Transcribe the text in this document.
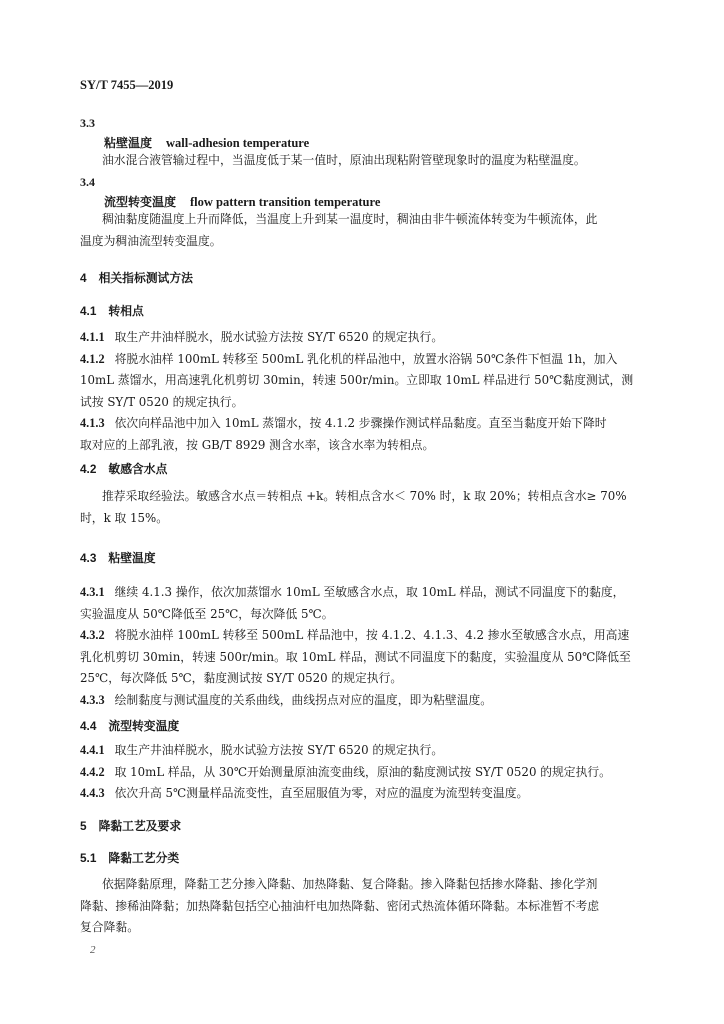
SY/T 7455—2019
3.3
粘壁温度 wall-adhesion temperature
油水混合液管输过程中，当温度低于某一值时，原油出现粘附管壁现象时的温度为粘壁温度。
3.4
流型转变温度 flow pattern transition temperature
稠油黏度随温度上升而降低，当温度上升到某一温度时，稠油由非牛顿流体转变为牛顿流体，此
温度为稠油流型转变温度。
4 相关指标测试方法
4.1 转相点
4.1.1 取生产井油样脱水，脱水试验方法按 SY/T 6520 的规定执行。
4.1.2 将脱水油样 100mL 转移至 500mL 乳化机的样品池中，放置水浴锅 50℃条件下恒温 1h，加入
10mL 蒸馏水，用高速乳化机剪切 30min，转速 500r/min。立即取 10mL 样品进行 50℃黏度测试，测
试按 SY/T 0520 的规定执行。
4.1.3 依次向样品池中加入 10mL 蒸馏水，按 4.1.2 步骤操作测试样品黏度。直至当黏度开始下降时
取对应的上部乳液，按 GB/T 8929 测含水率，该含水率为转相点。
4.2 敏感含水点
推荐采取经验法。敏感含水点＝转相点 +k。转相点含水＜ 70% 时，k 取 20%；转相点含水≥ 70%
时，k 取 15%。
4.3 粘壁温度
4.3.1 继续 4.1.3 操作，依次加蒸馏水 10mL 至敏感含水点，取 10mL 样品，测试不同温度下的黏度，
实验温度从 50℃降低至 25℃，每次降低 5℃。
4.3.2 将脱水油样 100mL 转移至 500mL 样品池中，按 4.1.2、4.1.3、4.2 掺水至敏感含水点，用高速
乳化机剪切 30min，转速 500r/min。取 10mL 样品，测试不同温度下的黏度，实验温度从 50℃降低至
25℃，每次降低 5℃，黏度测试按 SY/T 0520 的规定执行。
4.3.3 绘制黏度与测试温度的关系曲线，曲线拐点对应的温度，即为粘壁温度。
4.4 流型转变温度
4.4.1 取生产井油样脱水，脱水试验方法按 SY/T 6520 的规定执行。
4.4.2 取 10mL 样品，从 30℃开始测量原油流变曲线，原油的黏度测试按 SY/T 0520 的规定执行。
4.4.3 依次升高 5℃测量样品流变性，直至屈服值为零，对应的温度为流型转变温度。
5 降黏工艺及要求
5.1 降黏工艺分类
依据降黏原理，降黏工艺分掺入降黏、加热降黏、复合降黏。掺入降黏包括掺水降黏、掺化学剂
降黏、掺稀油降黏；加热降黏包括空心抽油杆电加热降黏、密闭式热流体循环降黏。本标准暂不考虑
复合降黏。
2
